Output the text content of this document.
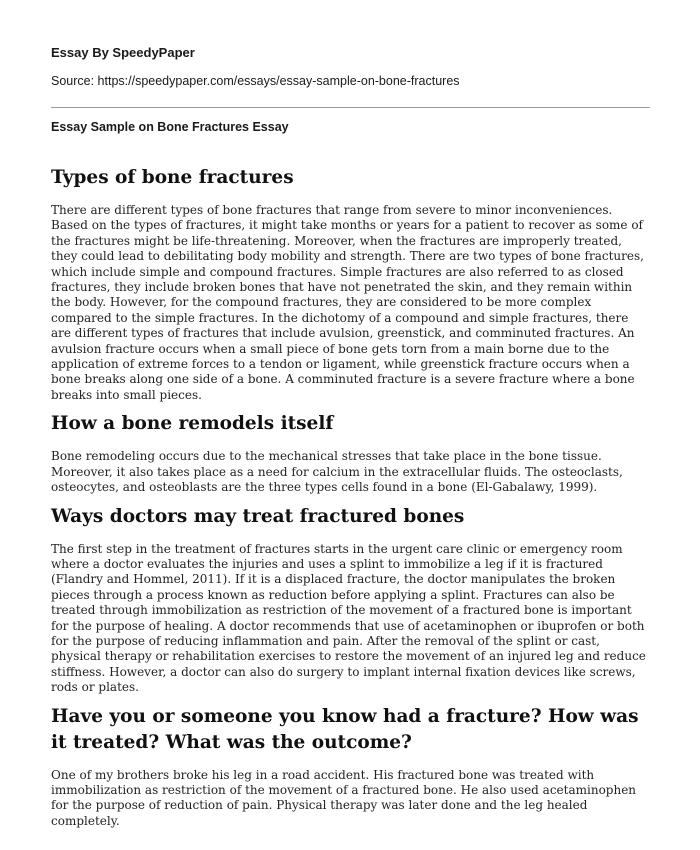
Essay By SpeedyPaper
Source: https://speedypaper.com/essays/essay-sample-on-bone-fractures
Essay Sample on Bone Fractures Essay
Types of bone fractures

There are different types of bone fractures that range from severe to minor inconveniences. Based on the types of fractures, it might take months or years for a patient to recover as some of the fractures might be life-threatening. Moreover, when the fractures are improperly treated, they could lead to debilitating body mobility and strength. There are two types of bone fractures, which include simple and compound fractures. Simple fractures are also referred to as closed fractures, they include broken bones that have not penetrated the skin, and they remain within the body. However, for the compound fractures, they are considered to be more complex compared to the simple fractures. In the dichotomy of a compound and simple fractures, there are different types of fractures that include avulsion, greenstick, and comminuted fractures. An avulsion fracture occurs when a small piece of bone gets torn from a main borne due to the application of extreme forces to a tendon or ligament, while greenstick fracture occurs when a bone breaks along one side of a bone. A comminuted fracture is a severe fracture where a bone breaks into small pieces.

How a bone remodels itself

Bone remodeling occurs due to the mechanical stresses that take place in the bone tissue. Moreover, it also takes place as a need for calcium in the extracellular fluids. The osteoclasts, osteocytes, and osteoblasts are the three types cells found in a bone (El-Gabalawy, 1999).

Ways doctors may treat fractured bones

The first step in the treatment of fractures starts in the urgent care clinic or emergency room where a doctor evaluates the injuries and uses a splint to immobilize a leg if it is fractured (Flandry and Hommel, 2011). If it is a displaced fracture, the doctor manipulates the broken pieces through a process known as reduction before applying a splint. Fractures can also be treated through immobilization as restriction of the movement of a fractured bone is important for the purpose of healing. A doctor recommends that use of acetaminophen or ibuprofen or both for the purpose of reducing inflammation and pain. After the removal of the splint or cast, physical therapy or rehabilitation exercises to restore the movement of an injured leg and reduce stiffness. However, a doctor can also do surgery to implant internal fixation devices like screws, rods or plates.

Have you or someone you know had a fracture? How was it treated? What was the outcome?

One of my brothers broke his leg in a road accident. His fractured bone was treated with immobilization as restriction of the movement of a fractured bone. He also used acetaminophen for the purpose of reduction of pain. Physical therapy was later done and the leg healed completely.
